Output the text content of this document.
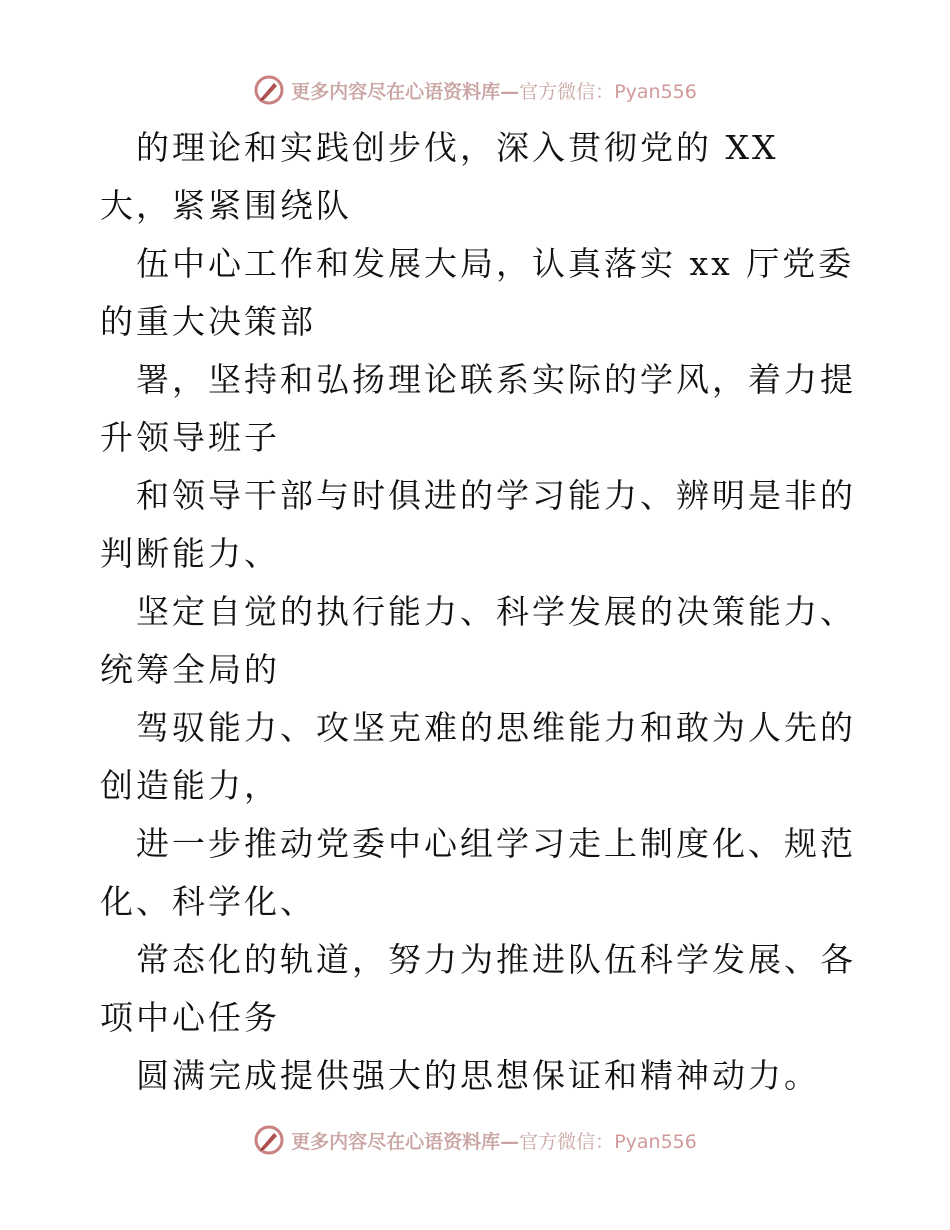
更多内容尽在心语资料库—官方微信：Pyan556

的理论和实践创步伐，深入贯彻党的 XX 大，紧紧围绕队

伍中心工作和发展大局，认真落实 xx 厅党委的重大决策部

署，坚持和弘扬理论联系实际的学风，着力提升领导班子

和领导干部与时俱进的学习能力、辨明是非的判断能力、

坚定自觉的执行能力、科学发展的决策能力、统筹全局的

驾驭能力、攻坚克难的思维能力和敢为人先的创造能力，

进一步推动党委中心组学习走上制度化、规范化、科学化、

常态化的轨道，努力为推进队伍科学发展、各项中心任务

圆满完成提供强大的思想保证和精神动力。

更多内容尽在心语资料库—官方微信：Pyan556
